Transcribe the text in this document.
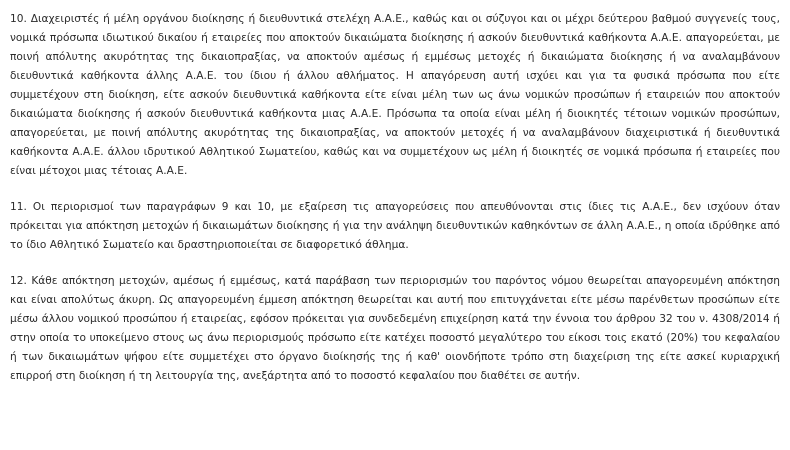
10. Διαχειριστές ή μέλη οργάνου διοίκησης ή διευθυντικά στελέχη Α.Α.Ε., καθώς και οι σύζυγοι και οι μέχρι δεύτερου βαθμού συγγενείς τους, νομικά πρόσωπα ιδιωτικού δικαίου ή εταιρείες που αποκτούν δικαιώματα διοίκησης ή ασκούν διευθυντικά καθήκοντα Α.Α.Ε. απαγορεύεται, με ποινή απόλυτης ακυρότητας της δικαιοπραξίας, να αποκτούν αμέσως ή εμμέσως μετοχές ή δικαιώματα διοίκησης ή να αναλαμβάνουν διευθυντικά καθήκοντα άλλης Α.Α.Ε. του ίδιου ή άλλου αθλήματος. Η απαγόρευση αυτή ισχύει και για τα φυσικά πρόσωπα που είτε συμμετέχουν στη διοίκηση, είτε ασκούν διευθυντικά καθήκοντα είτε είναι μέλη των ως άνω νομικών προσώπων ή εταιρειών που αποκτούν δικαιώματα διοίκησης ή ασκούν διευθυντικά καθήκοντα μιας Α.Α.Ε. Πρόσωπα τα οποία είναι μέλη ή διοικητές τέτοιων νομικών προσώπων, απαγορεύεται, με ποινή απόλυτης ακυρότητας της δικαιοπραξίας, να αποκτούν μετοχές ή να αναλαμβάνουν διαχειριστικά ή διευθυντικά καθήκοντα Α.Α.Ε. άλλου ιδρυτικού Αθλητικού Σωματείου, καθώς και να συμμετέχουν ως μέλη ή διοικητές σε νομικά πρόσωπα ή εταιρείες που είναι μέτοχοι μιας τέτοιας Α.Α.Ε.

11. Οι περιορισμοί των παραγράφων 9 και 10, με εξαίρεση τις απαγορεύσεις που απευθύνονται στις ίδιες τις Α.Α.Ε., δεν ισχύουν όταν πρόκειται για απόκτηση μετοχών ή δικαιωμάτων διοίκησης ή για την ανάληψη διευθυντικών καθηκόντων σε άλλη Α.Α.Ε., η οποία ιδρύθηκε από το ίδιο Αθλητικό Σωματείο και δραστηριοποιείται σε διαφορετικό άθλημα.

12. Κάθε απόκτηση μετοχών, αμέσως ή εμμέσως, κατά παράβαση των περιορισμών του παρόντος νόμου θεωρείται απαγορευμένη απόκτηση και είναι απολύτως άκυρη. Ως απαγορευμένη έμμεση απόκτηση θεωρείται και αυτή που επιτυγχάνεται είτε μέσω παρένθετων προσώπων είτε μέσω άλλου νομικού προσώπου ή εταιρείας, εφόσον πρόκειται για συνδεδεμένη επιχείρηση κατά την έννοια του άρθρου 32 του ν. 4308/2014 ή στην οποία το υποκείμενο στους ως άνω περιορισμούς πρόσωπο είτε κατέχει ποσοστό μεγαλύτερο του είκοσι τοις εκατό (20%) του κεφαλαίου ή των δικαιωμάτων ψήφου είτε συμμετέχει στο όργανο διοίκησής της ή καθ' οιονδήποτε τρόπο στη διαχείριση της είτε ασκεί κυριαρχική επιρροή στη διοίκηση ή τη λειτουργία της, ανεξάρτητα από το ποσοστό κεφαλαίου που διαθέτει σε αυτήν.
